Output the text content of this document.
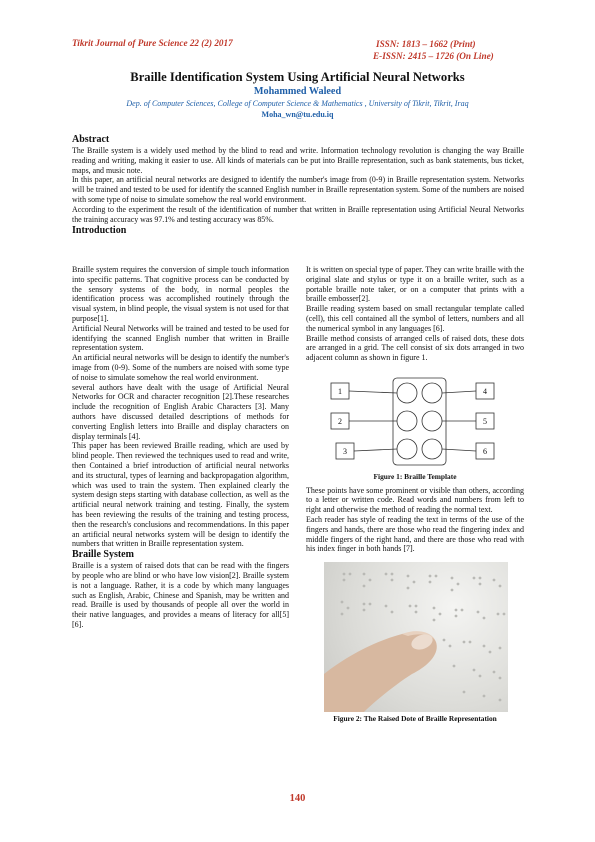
Tikrit Journal of Pure Science 22 (2) 2017	ISSN: 1813 – 1662 (Print)
E-ISSN: 2415 – 1726 (On Line)
Braille Identification System Using Artificial Neural Networks
Mohammed Waleed
Dep. of Computer Sciences, College of Computer Science & Mathematics , University of Tikrit, Tikrit, Iraq
Moha_wn@tu.edu.iq
Abstract

The Braille system is a widely used method by the blind to read and write. Information technology revolution is changing the way Braille reading and writing, making it easier to use. All kinds of materials can be put into Braille representation, such as bank statements, bus ticket, maps, and music note.

In this paper, an artificial neural networks are designed to identify the number's image from (0-9) in Braille representation system. Networks will be trained and tested to be used for identify the scanned English number in Braille representation system. Some of the numbers are noised with some type of noise to simulate somehow the real world environment.

According to the experiment the result of the identification of number that written in Braille representation using Artificial Neural Networks the training accuracy was 97.1% and testing accuracy was 85%.

Introduction

Braille system requires the conversion of simple touch information into specific patterns. That cognitive process can be conducted by the sensory systems of the body, in normal peoples the identification process was accomplished routinely through the visual system, in blind people, the visual system is not used for that purpose[1].

Artificial Neural Networks will be trained and tested to be used for identifying the scanned English number that written in Braille representation system.

An artificial neural networks will be design to identify the number's image from (0-9). Some of the numbers are noised with some type of noise to simulate somehow the real world environment.

several authors have dealt with the usage of Artificial Neural Networks for OCR and character recognition [2].These researches include the recognition of English Arabic Characters [3]. Many authors have discussed detailed descriptions of methods for converting English letters into Braille and display characters on display terminals [4].

This paper has been reviewed Braille reading, which are used by blind people. Then reviewed the techniques used to read and write, then Contained a brief introduction of artificial neural networks and its structural, types of learning and backpropagation algorithm, which was used to train the system. Then explained clearly the system design steps starting with database collection, as well as the artificial neural network training and testing. Finally, the system has been reviewing the results of the training and testing process, then the research's conclusions and recommendations. In this paper an artificial neural networks system will be design to identify the numbers that written in Braille representation system.

Braille System

Braille is a system of raised dots that can be read with the fingers by people who are blind or who have low vision[2]. Braille system is not a language. Rather, it is a code by which many languages such as English, Arabic, Chinese and Spanish, may be written and read. Braille is used by thousands of people all over the world in their native languages, and provides a means of literacy for all[5][6].

It is written on special type of paper. They can write braille with the original slate and stylus or type it on a braille writer, such as a portable braille note taker, or on a computer that prints with a braille embosser[2].

Braille reading system based on small rectangular template called (cell), this cell contained all the symbol of letters, numbers and all the numerical symbol in any languages [6].

Braille method consists of arranged cells of raised dots, these dots are arranged in a grid. The cell consist of six dots arranged in two adjacent column as shown in figure 1.

1
2
3
4
5
6
Figure 1: Braille Template

These points have some prominent or visible than others, according to a letter or written code. Read words and numbers from left to right and otherwise the method of reading the normal text.

Each reader has style of reading the text in terms of the use of the fingers and hands, there are those who read the fingering index and middle fingers of the right hand, and there are those who read with his index finger in both hands [7].

Figure 2: The Raised Dote of Braille Representation
140
